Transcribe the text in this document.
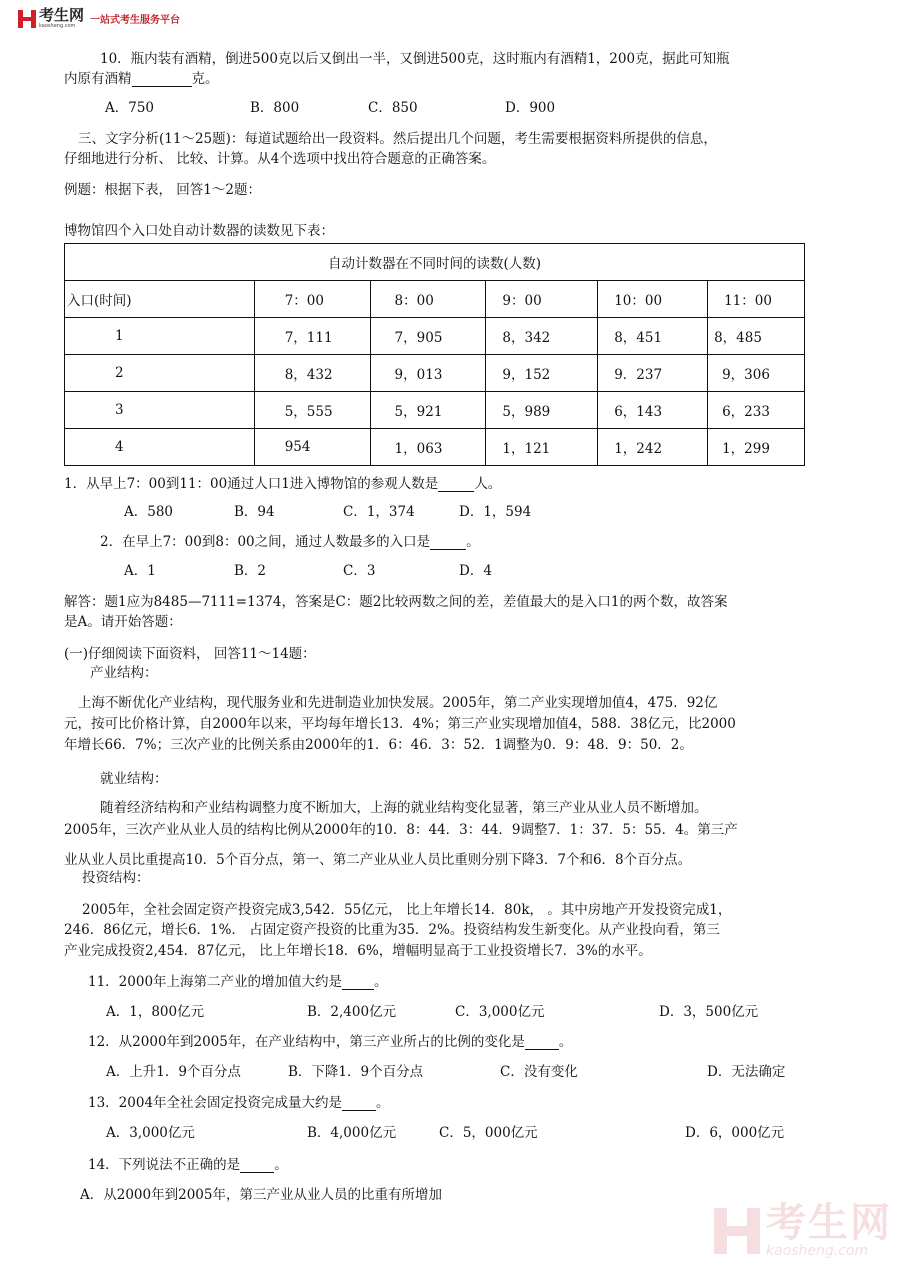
考生网
kaosheng.com	一站式考生服务平台
10．瓶内装有酒精，倒进500克以后又倒出一半，又倒进500克，这时瓶内有酒精1，200克，据此可知瓶
内原有酒精	克。
A．750	B．800	C．850	D．900
三、文字分析(11～25题)：每道试题给出一段资料。然后提出几个问题，考生需要根据资料所提供的信息，
仔细地进行分析、 比较、计算。从4个选项中找出符合题意的正确答案。
例题：根据下表， 回答1～2题：
博物馆四个入口处自动计数器的读数见下表：
自动计数器在不同时间的读数(人数)					
入口(时间)	7：00	8：00	9：00	10：00	11：00
1	7，111	7，905	8，342	8，451	8，485
2	8，432	9，013	9，152	9．237	9，306
3	5，555	5，921	5，989	6，143	6，233
4	954	1，063	1，121	1，242	1，299
1．从早上7：00到11：00通过人口1进入博物馆的参观人数是	人。
A．580	B．94	C．1，374	D．1，594
2．在早上7：00到8：00之间，通过人数最多的入口是	。
A．1	B．2	C．3	D．4
解答：题1应为8485—7111=1374，答案是C：题2比较两数之间的差，差值最大的是入口1的两个数，故答案
是A。请开始答题：
(一)仔细阅读下面资料， 回答11～14题：
产业结构：
上海不断优化产业结构，现代服务业和先进制造业加快发展。2005年，第二产业实现增加值4，475．92亿
元，按可比价格计算，自2000年以来，平均每年增长13．4%；第三产业实现增加值4，588．38亿元，比2000
年增长66．7%；三次产业的比例关系由2000年的1．6：46．3：52．1调整为0．9：48．9：50．2。
就业结构：
随着经济结构和产业结构调整力度不断加大，上海的就业结构变化显著，第三产业从业人员不断增加。
2005年，三次产业从业人员的结构比例从2000年的10．8：44．3：44．9调整7．1：37．5：55．4。第三产
业从业人员比重提高10．5个百分点，第一、第二产业从业人员比重则分别下降3．7个和6．8个百分点。
投资结构：
2005年，全社会固定资产投资完成3,542．55亿元， 比上年增长14．80k， 。其中房地产开发投资完成1，
246．86亿元，增长6．1%． 占固定资产投资的比重为35．2%。投资结构发生新变化。从产业投向看，第三
产业完成投资2,454．87亿元， 比上年增长18．6%，增幅明显高于工业投资增长7．3%的水平。
11．2000年上海第二产业的增加值大约是 。
A．1，800亿元	B．2,400亿元	C．3,000亿元	D．3，500亿元
12．从2000年到2005年，在产业结构中，第三产业所占的比例的变化是	。
A．上升1．9个百分点	B．下降1．9个百分点	C．没有变化	D．无法确定
13．2004年全社会固定投资完成量大约是	。
A．3,000亿元	B．4,000亿元	C．5，000亿元	D．6，000亿元
14．下列说法不正确的是	。
A．从2000年到2005年，第三产业从业人员的比重有所增加
考生网
kaosheng.com
